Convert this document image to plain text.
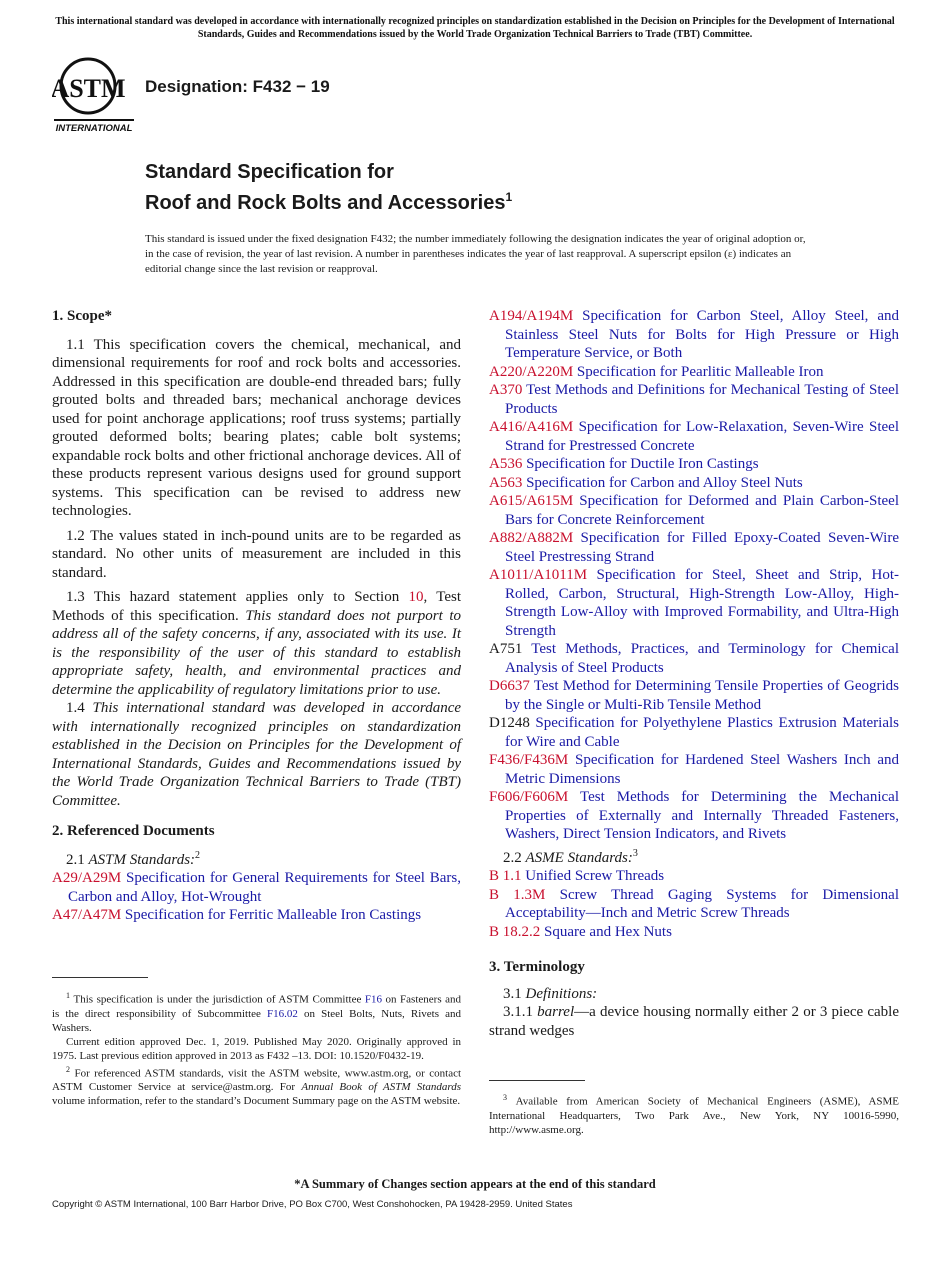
This international standard was developed in accordance with internationally recognized principles on standardization established in the Decision on Principles for the Development of International Standards, Guides and Recommendations issued by the World Trade Organization Technical Barriers to Trade (TBT) Committee.
ASTM
INTERNATIONAL
Designation: F432 − 19
Standard Specification for
Roof and Rock Bolts and Accessories$^1$
This standard is issued under the fixed designation F432; the number immediately following the designation indicates the year of original adoption or, in the case of revision, the year of last revision. A number in parentheses indicates the year of last reapproval. A superscript epsilon (ε) indicates an editorial change since the last revision or reapproval.
1. Scope*

1.1 This specification covers the chemical, mechanical, and dimensional requirements for roof and rock bolts and accessories. Addressed in this specification are double-end threaded bars; fully grouted bolts and threaded bars; mechanical anchorage devices used for point anchorage applications; roof truss systems; partially grouted deformed bolts; bearing plates; cable bolt systems; expandable rock bolts and other frictional anchorage devices. All of these products represent various designs used for ground support systems. This specification can be revised to address new technologies.

1.2 The values stated in inch-pound units are to be regarded as standard. No other units of measurement are included in this standard.

1.3 This hazard statement applies only to Section 10, Test Methods of this specification. This standard does not purport to address all of the safety concerns, if any, associated with its use. It is the responsibility of the user of this standard to establish appropriate safety, health, and environmental practices and determine the applicability of regulatory limitations prior to use.

1.4 This international standard was developed in accordance with internationally recognized principles on standardization established in the Decision on Principles for the Development of International Standards, Guides and Recommendations issued by the World Trade Organization Technical Barriers to Trade (TBT) Committee.

2. Referenced Documents

2.1 ASTM Standards:$^2$

A29/A29M Specification for General Requirements for Steel Bars, Carbon and Alloy, Hot-Wrought

A47/A47M Specification for Ferritic Malleable Iron Castings

A194/A194M Specification for Carbon Steel, Alloy Steel, and Stainless Steel Nuts for Bolts for High Pressure or High Temperature Service, or Both

A220/A220M Specification for Pearlitic Malleable Iron

A370 Test Methods and Definitions for Mechanical Testing of Steel Products

A416/A416M Specification for Low-Relaxation, Seven-Wire Steel Strand for Prestressed Concrete

A536 Specification for Ductile Iron Castings

A563 Specification for Carbon and Alloy Steel Nuts

A615/A615M Specification for Deformed and Plain Carbon-Steel Bars for Concrete Reinforcement

A882/A882M Specification for Filled Epoxy-Coated Seven-Wire Steel Prestressing Strand

A1011/A1011M Specification for Steel, Sheet and Strip, Hot-Rolled, Carbon, Structural, High-Strength Low-Alloy, High-Strength Low-Alloy with Improved Formability, and Ultra-High Strength

A751 Test Methods, Practices, and Terminology for Chemical Analysis of Steel Products

D6637 Test Method for Determining Tensile Properties of Geogrids by the Single or Multi-Rib Tensile Method

D1248 Specification for Polyethylene Plastics Extrusion Materials for Wire and Cable

F436/F436M Specification for Hardened Steel Washers Inch and Metric Dimensions

F606/F606M Test Methods for Determining the Mechanical Properties of Externally and Internally Threaded Fasteners, Washers, Direct Tension Indicators, and Rivets

2.2 ASME Standards:$^3$

B 1.1 Unified Screw Threads

B 1.3M Screw Thread Gaging Systems for Dimensional Acceptability—Inch and Metric Screw Threads

B 18.2.2 Square and Hex Nuts

3. Terminology

3.1 Definitions:

3.1.1 barrel—a device housing normally either 2 or 3 piece cable strand wedges

$^1$ This specification is under the jurisdiction of ASTM Committee F16 on Fasteners and is the direct responsibility of Subcommittee F16.02 on Steel Bolts, Nuts, Rivets and Washers.

Current edition approved Dec. 1, 2019. Published May 2020. Originally approved in 1975. Last previous edition approved in 2013 as F432 –13. DOI: 10.1520/F0432-19.

$^2$ For referenced ASTM standards, visit the ASTM website, www.astm.org, or contact ASTM Customer Service at service@astm.org. For Annual Book of ASTM Standards volume information, refer to the standard’s Document Summary page on the ASTM website.	$^3$ Available from American Society of Mechanical Engineers (ASME), ASME International Headquarters, Two Park Ave., New York, NY 10016-5990, http://www.asme.org.

*A Summary of Changes section appears at the end of this standard
Copyright © ASTM International, 100 Barr Harbor Drive, PO Box C700, West Conshohocken, PA 19428-2959. United States
